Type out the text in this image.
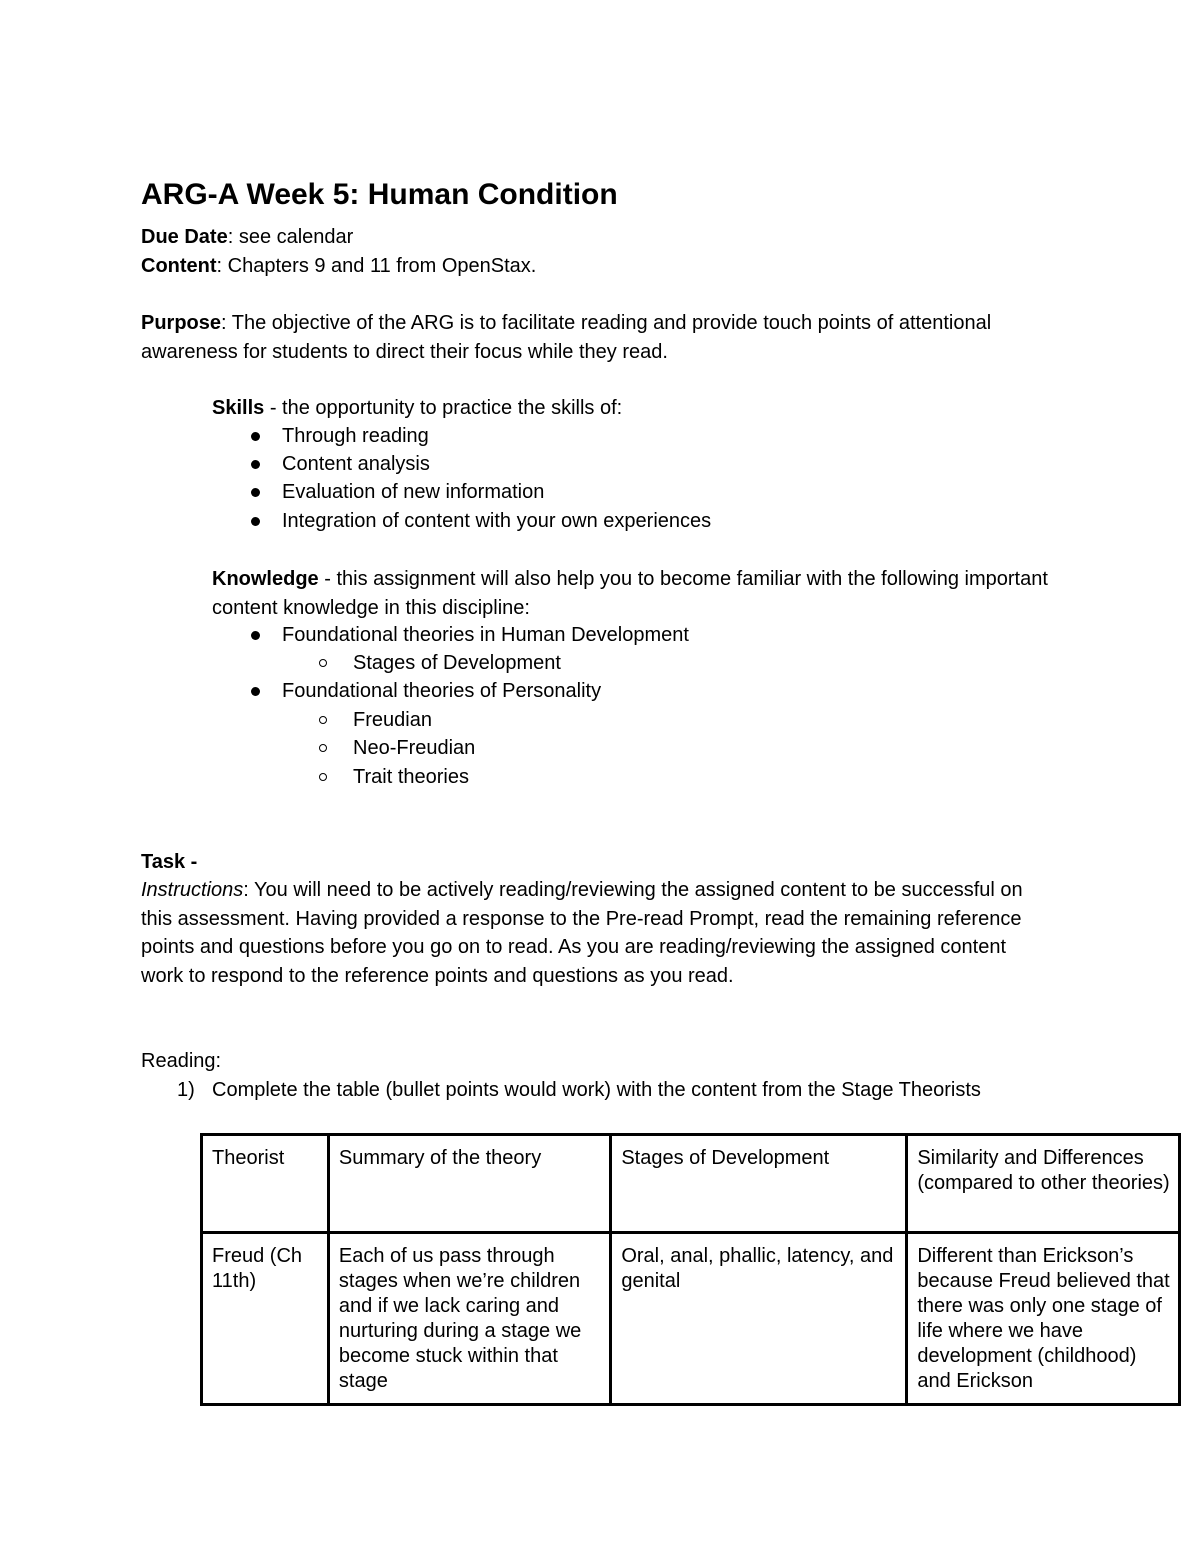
ARG-A Week 5: Human Condition
Due Date: see calendar
Content: Chapters 9 and 11 from OpenStax.
Purpose: The objective of the ARG is to facilitate reading and provide touch points of attentional awareness for students to direct their focus while they read.
Skills - the opportunity to practice the skills of:
Through reading
Content analysis
Evaluation of new information
Integration of content with your own experiences
Knowledge - this assignment will also help you to become familiar with the following important content knowledge in this discipline:
Foundational theories in Human Development
Stages of Development
Foundational theories of Personality
Freudian
Neo-Freudian
Trait theories
Task -
Instructions: You will need to be actively reading/reviewing the assigned content to be successful on this assessment. Having provided a response to the Pre-read Prompt, read the remaining reference points and questions before you go on to read. As you are reading/reviewing the assigned content work to respond to the reference points and questions as you read.
Reading:
1) Complete the table (bullet points would work) with the content from the Stage Theorists
Theorist	Summary of the theory	Stages of Development	Similarity and Differences (compared to other theories)
Freud (Ch 11th)	Each of us pass through stages when we’re children and if we lack caring and nurturing during a stage we become stuck within that stage	Oral, anal, phallic, latency, and genital	Different than Erickson’s because Freud believed that there was only one stage of life where we have development (childhood) and Erickson
